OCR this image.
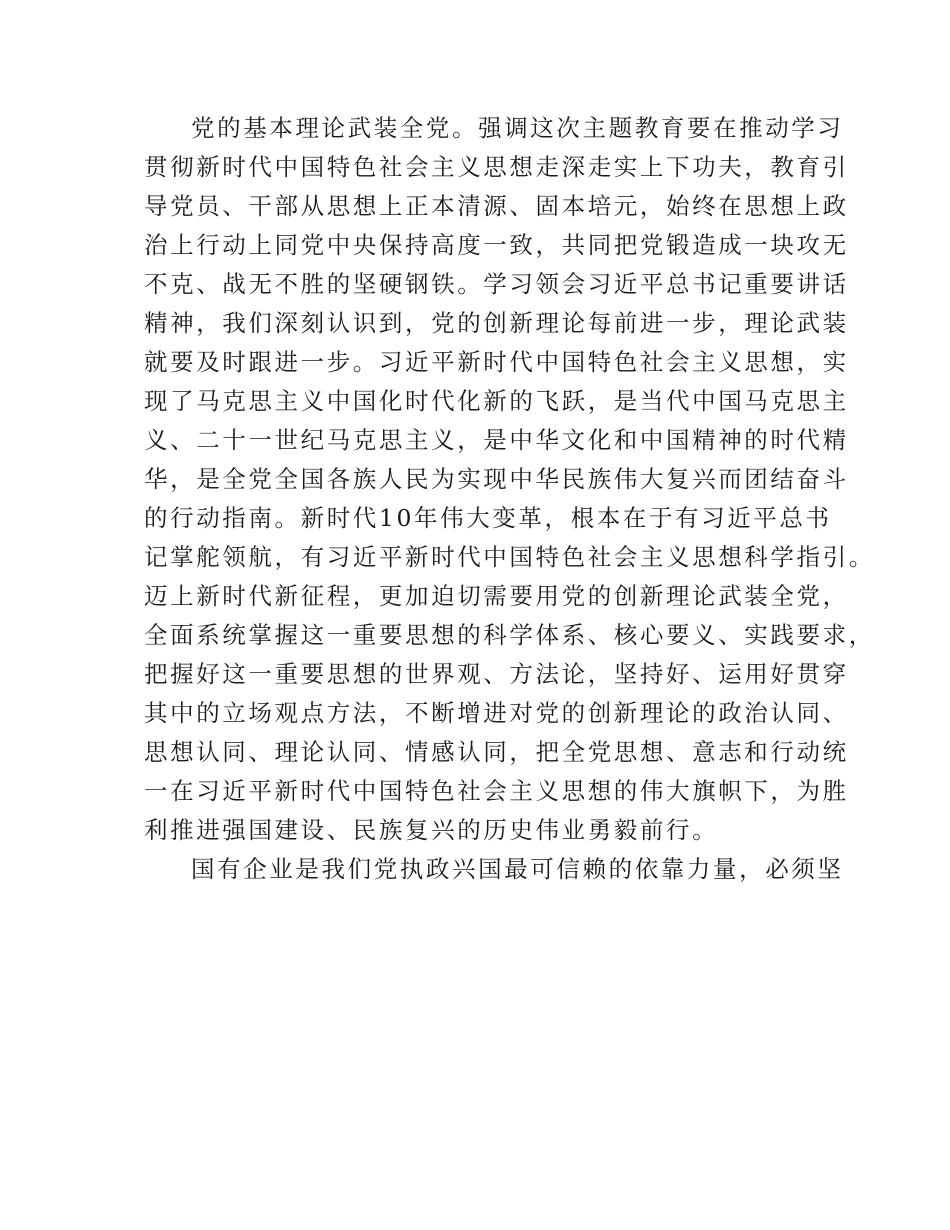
党的基本理论武装全党。强调这次主题教育要在推动学习

贯彻新时代中国特色社会主义思想走深走实上下功夫，教育引

导党员、干部从思想上正本清源、固本培元，始终在思想上政

治上行动上同党中央保持高度一致，共同把党锻造成一块攻无

不克、战无不胜的坚硬钢铁。学习领会习近平总书记重要讲话

精神，我们深刻认识到，党的创新理论每前进一步，理论武装

就要及时跟进一步。习近平新时代中国特色社会主义思想，实

现了马克思主义中国化时代化新的飞跃，是当代中国马克思主

义、二十一世纪马克思主义，是中华文化和中国精神的时代精

华，是全党全国各族人民为实现中华民族伟大复兴而团结奋斗

的行动指南。新时代10年伟大变革，根本在于有习近平总书

记掌舵领航，有习近平新时代中国特色社会主义思想科学指引。

迈上新时代新征程，更加迫切需要用党的创新理论武装全党，

全面系统掌握这一重要思想的科学体系、核心要义、实践要求，

把握好这一重要思想的世界观、方法论，坚持好、运用好贯穿

其中的立场观点方法，不断增进对党的创新理论的政治认同、

思想认同、理论认同、情感认同，把全党思想、意志和行动统

一在习近平新时代中国特色社会主义思想的伟大旗帜下，为胜

利推进强国建设、民族复兴的历史伟业勇毅前行。

国有企业是我们党执政兴国最可信赖的依靠力量，必须坚
